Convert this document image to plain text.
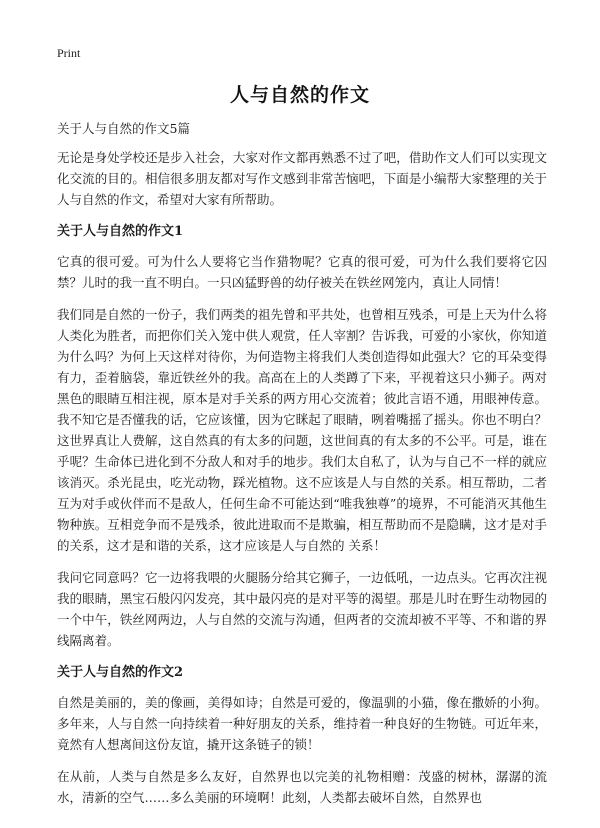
Print
人与自然的作文

关于人与自然的作文5篇

无论是身处学校还是步入社会，大家对作文都再熟悉不过了吧，借助作文人们可以实现文化交流的目的。相信很多朋友都对写作文感到非常苦恼吧，下面是小编帮大家整理的关于人与自然的作文，希望对大家有所帮助。

关于人与自然的作文1

它真的很可爱。可为什么人要将它当作猎物呢？它真的很可爱，可为什么我们要将它囚禁？儿时的我一直不明白。一只凶猛野兽的幼仔被关在铁丝网笼内，真让人同情！

我们同是自然的一份子，我们两类的祖先曾和平共处，也曾相互残杀，可是上天为什么将人类化为胜者，而把你们关入笼中供人观赏，任人宰割？告诉我，可爱的小家伙，你知道为什么吗？为何上天这样对待你，为何造物主将我们人类创造得如此强大？它的耳朵变得有力，歪着脑袋，靠近铁丝外的我。高高在上的人类蹲了下来，平视着这只小狮子。两对黑色的眼睛互相注视，原本是对手关系的两方用心交流着；彼此言语不通，用眼神传意。我不知它是否懂我的话，它应该懂，因为它眯起了眼睛，咧着嘴摇了摇头。你也不明白？这世界真让人费解，这自然真的有太多的问题，这世间真的有太多的不公平。可是，谁在乎呢？生命体已进化到不分敌人和对手的地步。我们太自私了，认为与自己不一样的就应该消灭。杀光昆虫，吃光动物，踩光植物。这不应该是人与自然的关系。相互帮助，二者互为对手或伙伴而不是敌人，任何生命不可能达到“唯我独尊”的境界，不可能消灭其他生物种族。互相竞争而不是残杀，彼此进取而不是欺骗，相互帮助而不是隐瞒，这才是对手的关系，这才是和谐的关系，这才应该是人与自然的 关系！

我问它同意吗？它一边将我喂的火腿肠分给其它狮子，一边低吼，一边点头。它再次注视我的眼睛，黑宝石般闪闪发亮，其中最闪亮的是对平等的渴望。那是儿时在野生动物园的一个中午，铁丝网两边，人与自然的交流与沟通，但两者的交流却被不平等、不和谐的界线隔离着。

关于人与自然的作文2

自然是美丽的，美的像画，美得如诗；自然是可爱的，像温驯的小猫，像在撒娇的小狗。多年来，人与自然一向持续着一种好朋友的关系，维持着一种良好的生物链。可近年来，竟然有人想离间这份友谊，撬开这条链子的锁！

在从前，人类与自然是多么友好，自然界也以完美的礼物相赠：茂盛的树林，潺潺的流水，清新的空气……多么美丽的环境啊！此刻，人类都去破坏自然，自然界也
